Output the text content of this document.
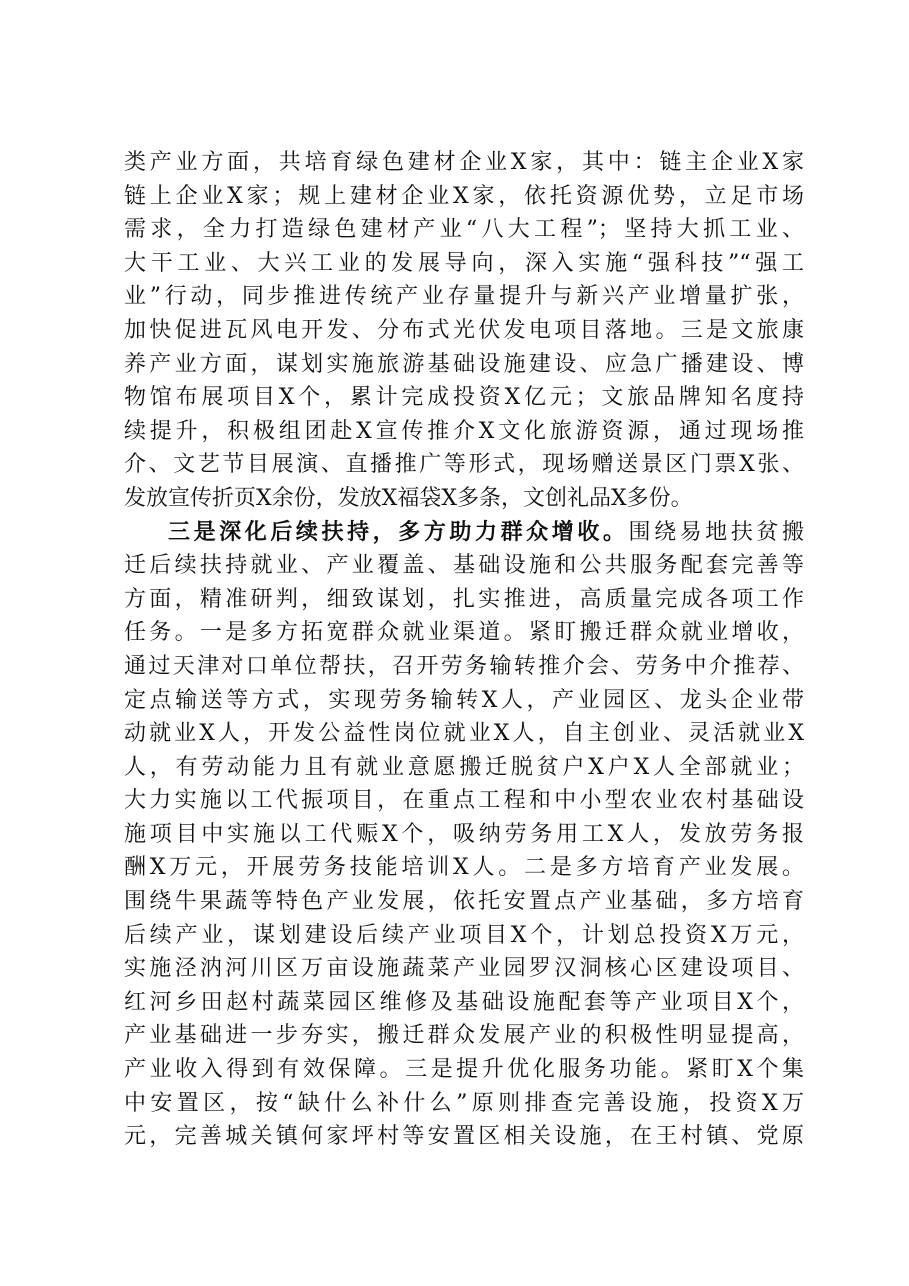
类产业方面，共培育绿色建材企业X家，其中：链主企业X家
链上企业X家；规上建材企业X家，依托资源优势，立足市场
需求，全力打造绿色建材产业“八大工程”；坚持大抓工业、
大干工业、大兴工业的发展导向，深入实施“强科技”“强工
业”行动，同步推进传统产业存量提升与新兴产业增量扩张，
加快促进瓦风电开发、分布式光伏发电项目落地。三是文旅康
养产业方面，谋划实施旅游基础设施建设、应急广播建设、博
物馆布展项目X个，累计完成投资X亿元；文旅品牌知名度持
续提升，积极组团赴X宣传推介X文化旅游资源，通过现场推
介、文艺节目展演、直播推广等形式，现场赠送景区门票X张、
发放宣传折页X余份，发放X福袋X多条，文创礼品X多份。
三是深化后续扶持，多方助力群众增收。围绕易地扶贫搬
迁后续扶持就业、产业覆盖、基础设施和公共服务配套完善等
方面，精准研判，细致谋划，扎实推进，高质量完成各项工作
任务。一是多方拓宽群众就业渠道。紧盯搬迁群众就业增收，
通过天津对口单位帮扶，召开劳务输转推介会、劳务中介推荐、
定点输送等方式，实现劳务输转X人，产业园区、龙头企业带
动就业X人，开发公益性岗位就业X人，自主创业、灵活就业X
人，有劳动能力且有就业意愿搬迁脱贫户X户X人全部就业；
大力实施以工代振项目，在重点工程和中小型农业农村基础设
施项目中实施以工代赈X个，吸纳劳务用工X人，发放劳务报
酬X万元，开展劳务技能培训X人。二是多方培育产业发展。
围绕牛果蔬等特色产业发展，依托安置点产业基础，多方培育
后续产业，谋划建设后续产业项目X个，计划总投资X万元，
实施泾汭河川区万亩设施蔬菜产业园罗汉洞核心区建设项目、
红河乡田赵村蔬菜园区维修及基础设施配套等产业项目X个，
产业基础进一步夯实，搬迁群众发展产业的积极性明显提高，
产业收入得到有效保障。三是提升优化服务功能。紧盯X个集
中安置区，按“缺什么补什么”原则排查完善设施，投资X万
元，完善城关镇何家坪村等安置区相关设施，在王村镇、党原
